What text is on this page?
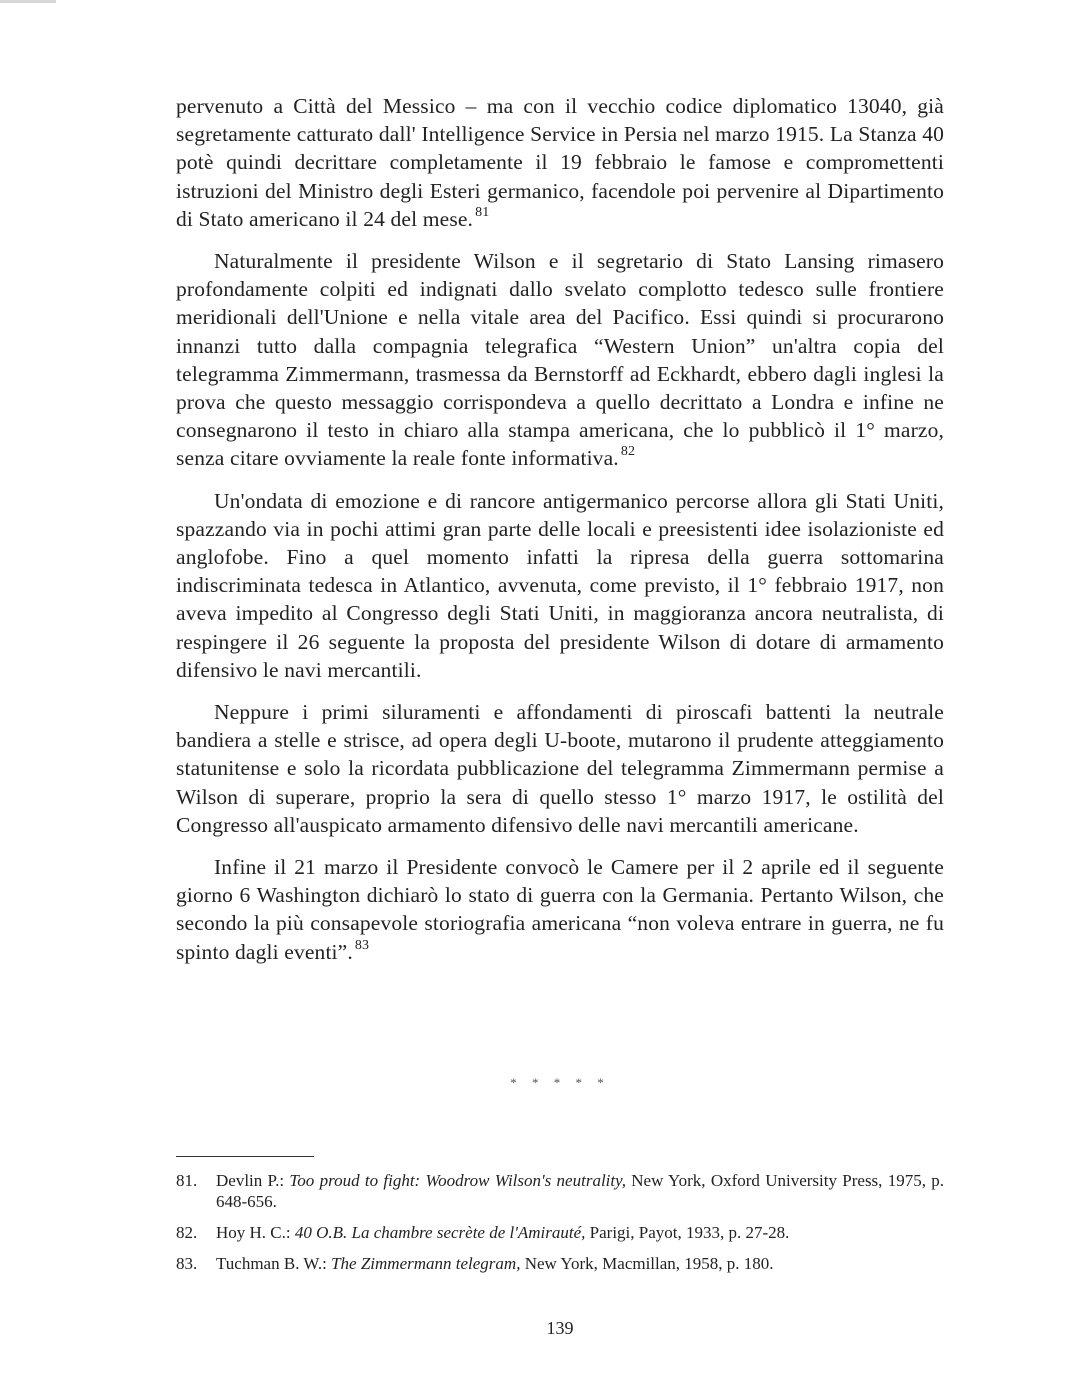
pervenuto a Città del Messico – ma con il vecchio codice diplomatico 13040, già segretamente catturato dall' Intelligence Service in Persia nel marzo 1915. La Stanza 40 potè quindi decrittare completamente il 19 febbraio le famose e compromettenti istruzioni del Ministro degli Esteri germanico, facendole poi pervenire al Dipartimento di Stato americano il 24 del mese. $^{81}$

Naturalmente il presidente Wilson e il segretario di Stato Lansing rimasero profondamente colpiti ed indignati dallo svelato complotto tedesco sulle frontiere meridionali dell'Unione e nella vitale area del Pacifico. Essi quindi si procurarono innanzi tutto dalla compagnia telegrafica “Western Union” un'altra copia del telegramma Zimmermann, trasmessa da Bernstorff ad Eckhardt, ebbero dagli inglesi la prova che questo messaggio corrispondeva a quello decrittato a Londra e infine ne consegnarono il testo in chiaro alla stampa americana, che lo pubblicò il 1° marzo, senza citare ovviamente la reale fonte informativa. $^{82}$

Un'ondata di emozione e di rancore antigermanico percorse allora gli Stati Uniti, spazzando via in pochi attimi gran parte delle locali e preesistenti idee isolazioniste ed anglofobe. Fino a quel momento infatti la ripresa della guerra sottomarina indiscriminata tedesca in Atlantico, avvenuta, come previsto, il 1° febbraio 1917, non aveva impedito al Congresso degli Stati Uniti, in maggioranza ancora neutralista, di respingere il 26 seguente la proposta del presidente Wilson di dotare di armamento difensivo le navi mercantili.

Neppure i primi siluramenti e affondamenti di piroscafi battenti la neutrale bandiera a stelle e strisce, ad opera degli U-boote, mutarono il prudente atteggiamento statunitense e solo la ricordata pubblicazione del telegramma Zimmermann permise a Wilson di superare, proprio la sera di quello stesso 1° marzo 1917, le ostilità del Congresso all'auspicato armamento difensivo delle navi mercantili americane.

Infine il 21 marzo il Presidente convocò le Camere per il 2 aprile ed il seguente giorno 6 Washington dichiarò lo stato di guerra con la Germania. Pertanto Wilson, che secondo la più consapevole storiografia americana “non voleva entrare in guerra, ne fu spinto dagli eventi”. $^{83}$

* * * * *
81.	Devlin P.: Too proud to fight: Woodrow Wilson's neutrality, New York, Oxford University Press, 1975, p. 648-656.
82.	Hoy H. C.: 40 O.B. La chambre secrète de l'Amirauté, Parigi, Payot, 1933, p. 27-28.
83.	Tuchman B. W.: The Zimmermann telegram, New York, Macmillan, 1958, p. 180.
139
